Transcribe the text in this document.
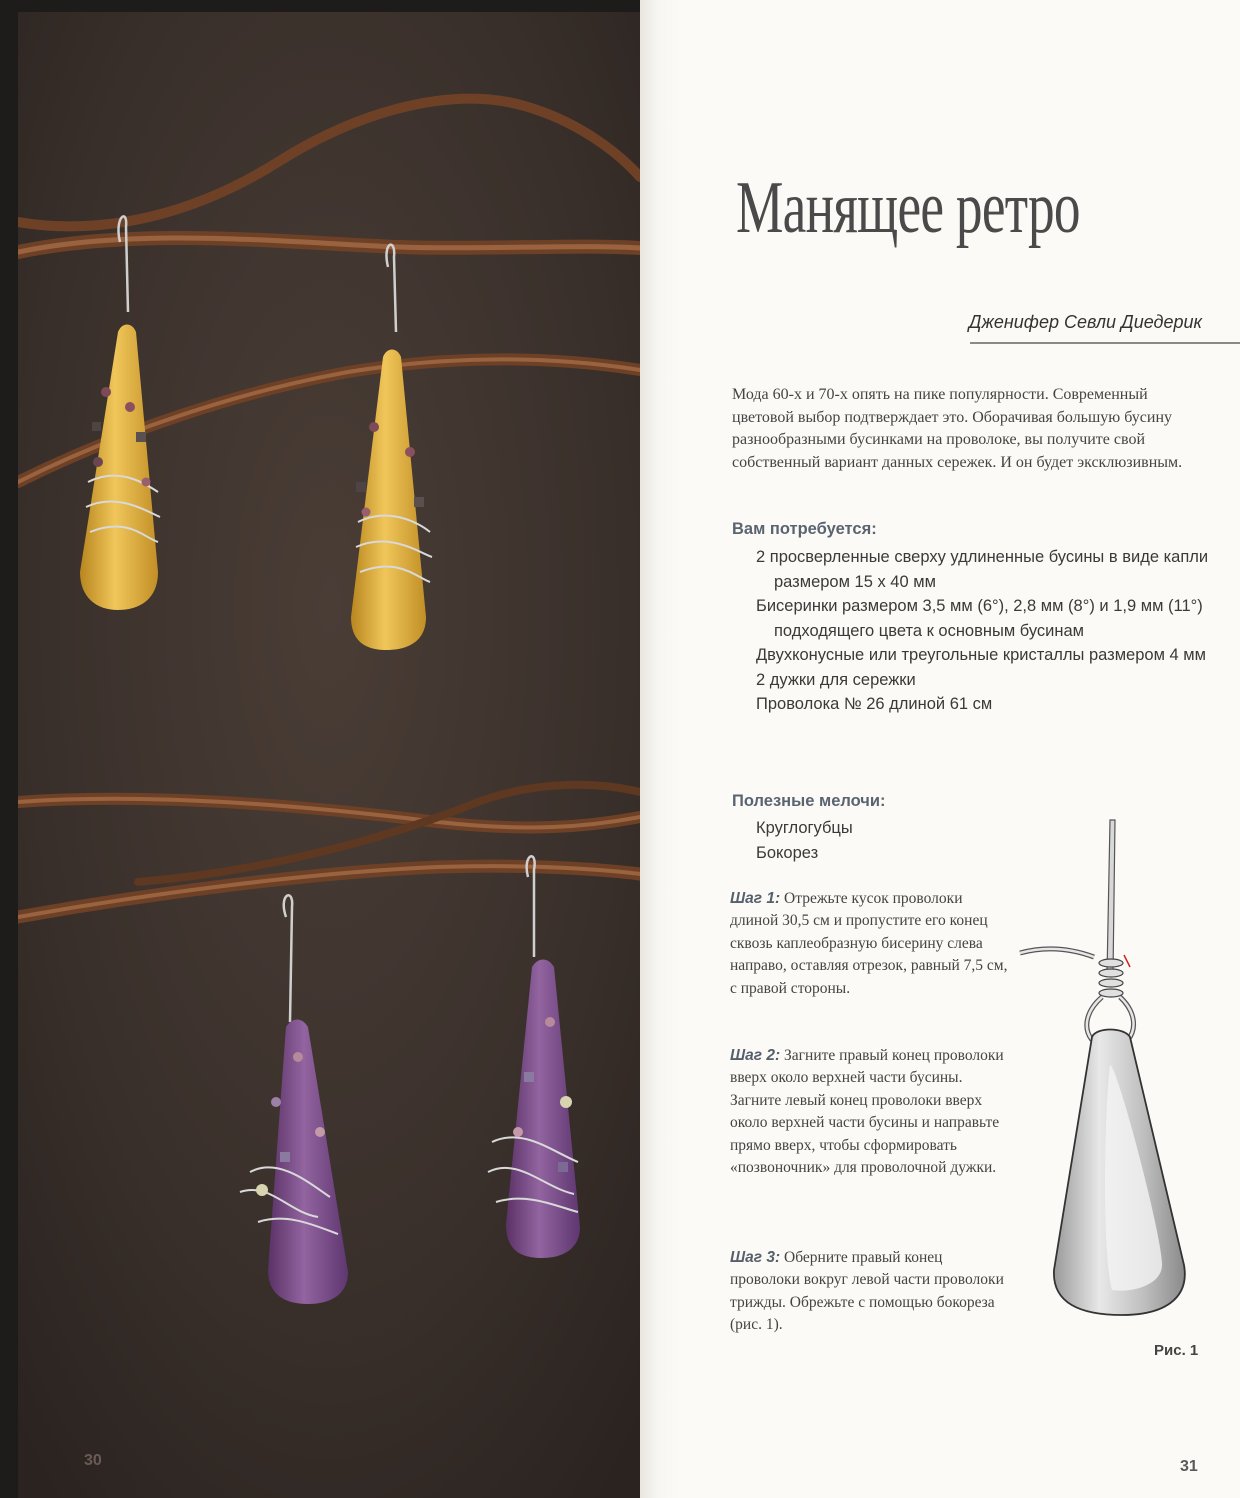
30
Манящее ретро
Дженифер Севли Диедерик
Мода 60-х и 70-х опять на пике популярности. Современный цветовой выбор подтверждает это. Оборачивая большую бусину разнообразными бусинками на проволоке, вы получите свой собственный вариант данных сережек. И он будет эксклюзивным.
Вам потребуется:
2 просверленные сверху удлиненные бусины в виде капли размером 15 х 40 мм
Бисеринки размером 3,5 мм (6°), 2,8 мм (8°) и 1,9 мм (11°) подходящего цвета к основным бусинам
Двухконусные или треугольные кристаллы размером 4 мм
2 дужки для сережки
Проволока № 26 длиной 61 см
Полезные мелочи:
Круглогубцы
Бокорез
Шаг 1: Отрежьте кусок проволоки длиной 30,5 см и пропустите его конец сквозь каплеобразную бисерину слева направо, оставляя отрезок, равный 7,5 см, с правой стороны.
Шаг 2: Загните правый конец проволоки вверх около верхней части бусины. Загните левый конец проволоки вверх около верхней части бусины и направьте прямо вверх, чтобы сформировать «позвоночник» для проволочной дужки.
Шаг 3: Оберните правый конец проволоки вокруг левой части проволоки трижды. Обрежьте с помощью бокореза (рис. 1).
Рис. 1
31
